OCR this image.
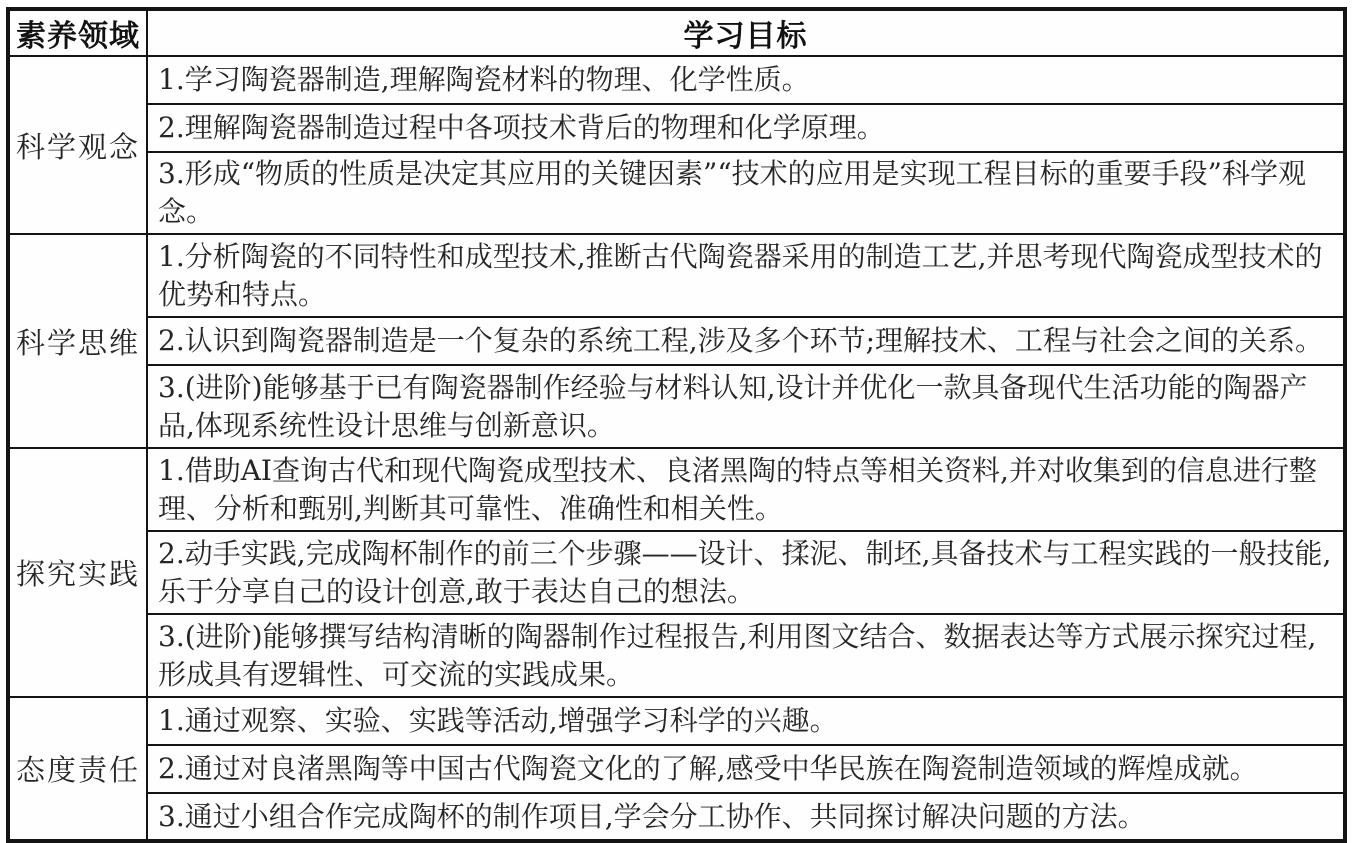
素养领域	学习目标
科学观念	1.学习陶瓷器制造,理解陶瓷材料的物理、化学性质。
	2.理解陶瓷器制造过程中各项技术背后的物理和化学原理。
	3.形成“物质的性质是决定其应用的关键因素”“技术的应用是实现工程目标的重要手段”科学观念。
科学思维	1.分析陶瓷的不同特性和成型技术,推断古代陶瓷器采用的制造工艺,并思考现代陶瓷成型技术的优势和特点。
	2.认识到陶瓷器制造是一个复杂的系统工程,涉及多个环节;理解技术、工程与社会之间的关系。
	3.(进阶)能够基于已有陶瓷器制作经验与材料认知,设计并优化一款具备现代生活功能的陶器产品,体现系统性设计思维与创新意识。
探究实践	1.借助AI查询古代和现代陶瓷成型技术、良渚黑陶的特点等相关资料,并对收集到的信息进行整理、分析和甄别,判断其可靠性、准确性和相关性。
	2.动手实践,完成陶杯制作的前三个步骤——设计、揉泥、制坯,具备技术与工程实践的一般技能,乐于分享自己的设计创意,敢于表达自己的想法。
	3.(进阶)能够撰写结构清晰的陶器制作过程报告,利用图文结合、数据表达等方式展示探究过程,形成具有逻辑性、可交流的实践成果。
态度责任	1.通过观察、实验、实践等活动,增强学习科学的兴趣。
	2.通过对良渚黑陶等中国古代陶瓷文化的了解,感受中华民族在陶瓷制造领域的辉煌成就。
	3.通过小组合作完成陶杯的制作项目,学会分工协作、共同探讨解决问题的方法。
